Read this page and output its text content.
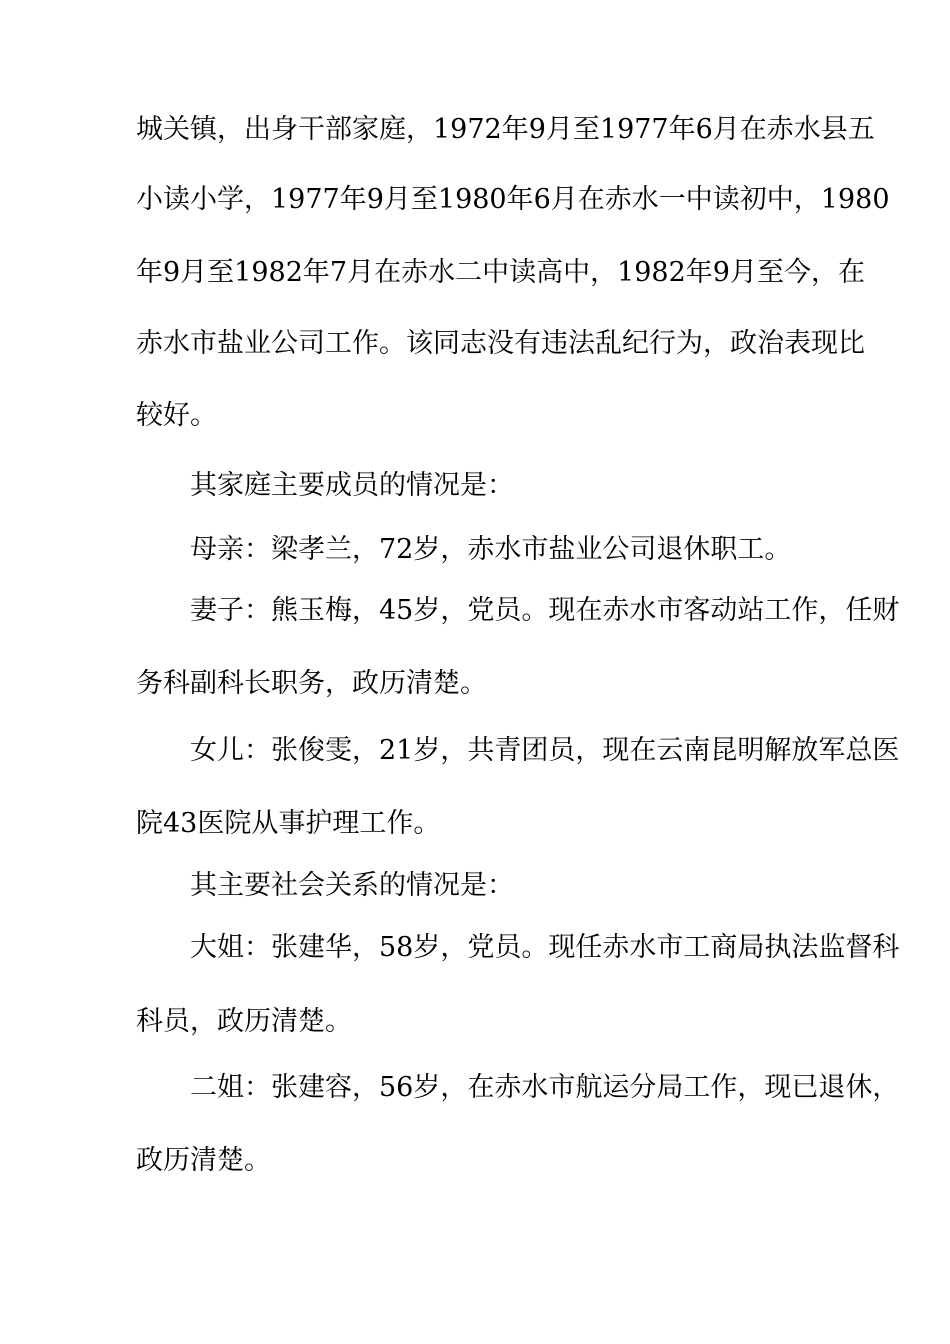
城关镇，出身干部家庭，1972年9月至1977年6月在赤水县五
小读小学，1977年9月至1980年6月在赤水一中读初中，1980
年9月至1982年7月在赤水二中读高中，1982年9月至今，在
赤水市盐业公司工作。该同志没有违法乱纪行为，政治表现比
较好。
其家庭主要成员的情况是：
母亲：梁孝兰，72岁，赤水市盐业公司退休职工。
妻子：熊玉梅，45岁，党员。现在赤水市客动站工作，任财
务科副科长职务，政历清楚。
女儿：张俊雯，21岁，共青团员，现在云南昆明解放军总医
院43医院从事护理工作。
其主要社会关系的情况是：
大姐：张建华，58岁，党员。现任赤水市工商局执法监督科
科员，政历清楚。
二姐：张建容，56岁，在赤水市航运分局工作，现已退休，
政历清楚。
